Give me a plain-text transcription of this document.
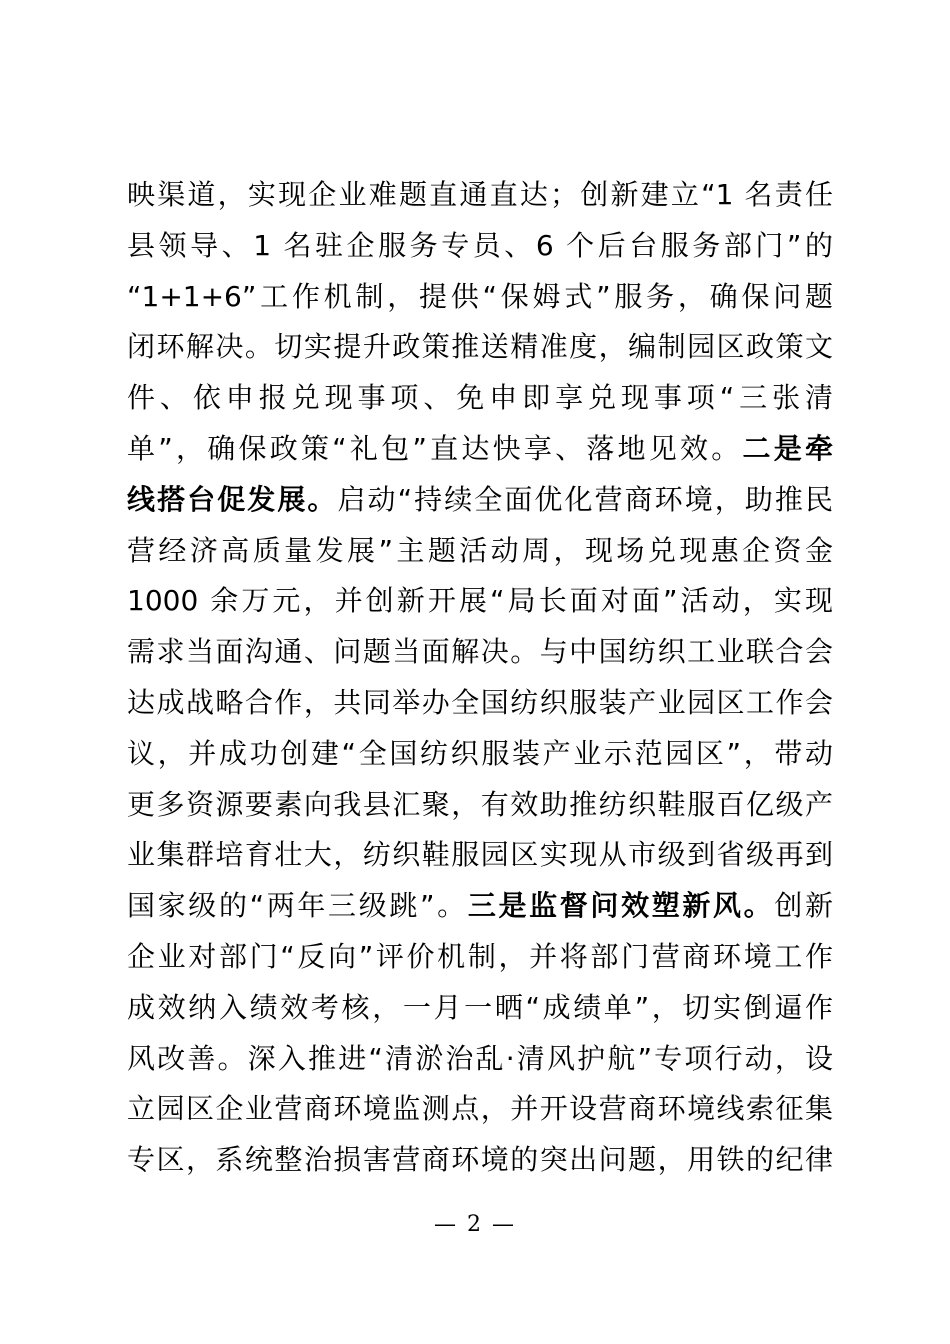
映渠道，实现企业难题直通直达；创新建立“1 名责任
县领导、1 名驻企服务专员、6 个后台服务部门”的
“1+1+6”工作机制，提供“保姆式”服务，确保问题
闭环解决。切实提升政策推送精准度，编制园区政策文
件、依申报兑现事项、免申即享兑现事项“三张清
单”，确保政策“礼包”直达快享、落地见效。二是牵
线搭台促发展。启动“持续全面优化营商环境，助推民
营经济高质量发展”主题活动周，现场兑现惠企资金
1000 余万元，并创新开展“局长面对面”活动，实现
需求当面沟通、问题当面解决。与中国纺织工业联合会
达成战略合作，共同举办全国纺织服装产业园区工作会
议，并成功创建“全国纺织服装产业示范园区”，带动
更多资源要素向我县汇聚，有效助推纺织鞋服百亿级产
业集群培育壮大，纺织鞋服园区实现从市级到省级再到
国家级的“两年三级跳”。三是监督问效塑新风。创新
企业对部门“反向”评价机制，并将部门营商环境工作
成效纳入绩效考核，一月一晒“成绩单”，切实倒逼作
风改善。深入推进“清淤治乱·清风护航”专项行动，设
立园区企业营商环境监测点，并开设营商环境线索征集
专区，系统整治损害营商环境的突出问题，用铁的纪律
— 2 —
